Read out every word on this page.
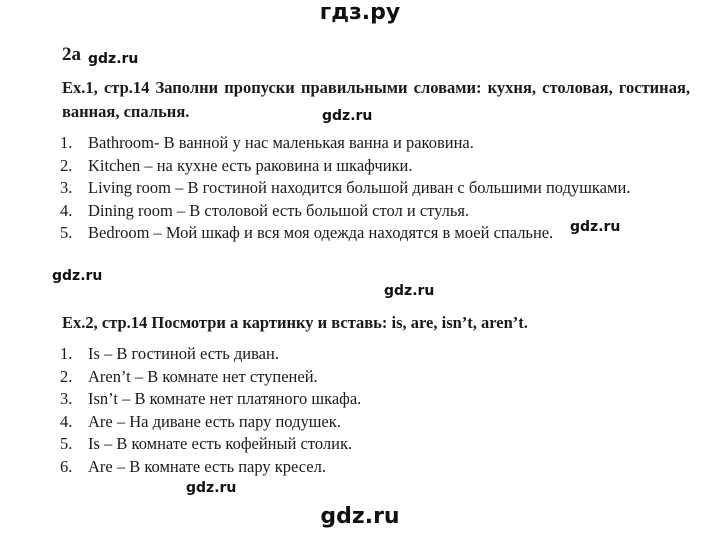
гдз.ру
2a gdz.ru
Ex.1, стр.14 Заполни пропуски правильными словами: кухня, столовая, гостиная, ванная, спальня.	gdz.ru
1. Bathroom- В ванной у нас маленькая ванна и раковина.
2. Kitchen – на кухне есть раковина и шкафчики.
3. Living room – В гостиной находится большой диван с большими подушками.
4. Dining room – В столовой есть большой стол и стулья.
5. Bedroom – Мой шкаф и вся моя одежда находятся в моей спальне.	gdz.ru
gdz.ru
gdz.ru
Ex.2, стр.14 Посмотри а картинку и вставь: is, are, isn’t, aren’t.
1. Is – В гостиной есть диван.
2. Aren’t – В комнате нет ступеней.
3. Isn’t – В комнате нет платяного шкафа.
4. Are – На диване есть пару подушек.
5. Is – В комнате есть кофейный столик.
6. Are – В комнате есть пару кресел.
gdz.ru
gdz.ru
